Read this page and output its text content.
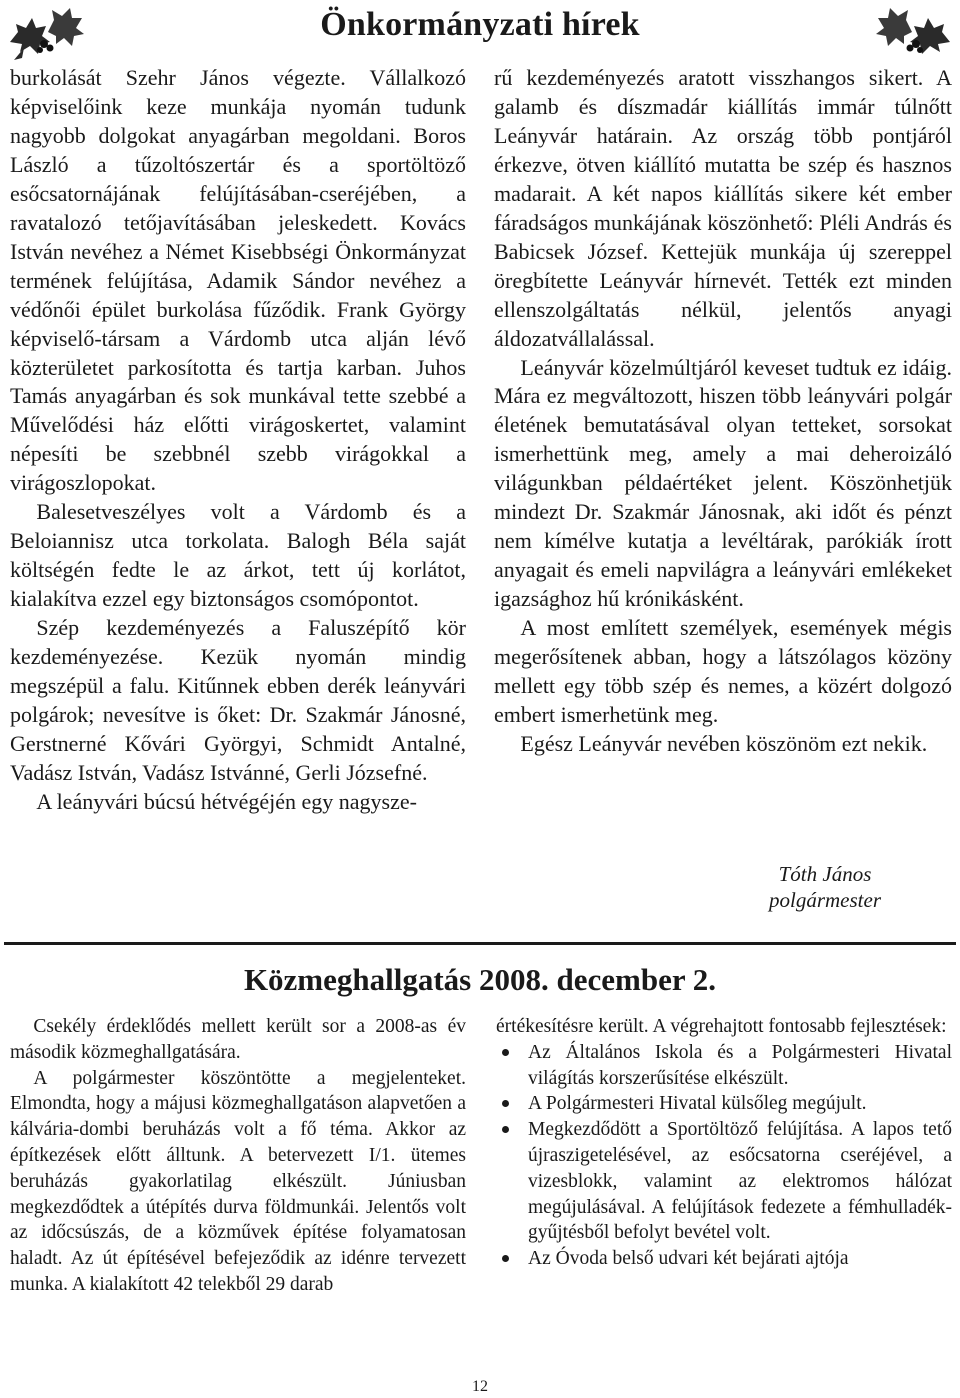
Önkormányzati hírek

burkolását Szehr János végezte. Vállalkozó képviselőink keze munkája nyomán tudunk nagyobb dolgokat anyagárban megoldani. Boros László a tűzoltószertár és a sportöltöző esőcsatornájának felújításában-cseréjében, a ravatalozó tetőjavításában jeleskedett. Kovács István nevéhez a Német Kisebbségi Önkormányzat termének felújítása, Adamik Sándor nevéhez a védőnői épület burkolása fűződik. Frank György képviselő-társam a Várdomb utca alján lévő közterületet parkosította és tartja karban. Juhos Tamás anyagárban és sok munkával tette szebbé a Művelődési ház előtti virágoskertet, valamint népesíti be szebbnél szebb virágokkal a virágoszlopokat.

Balesetveszélyes volt a Várdomb és a Beloiannisz utca torkolata. Balogh Béla saját költségén fedte le az árkot, tett új korlátot, kialakítva ezzel egy biztonságos csomópontot.

Szép kezdeményezés a Faluszépítő kör kezdeményezése. Kezük nyomán mindig megszépül a falu. Kitűnnek ebben derék leányvári polgárok; nevesítve is őket: Dr. Szakmár Jánosné, Gerstnerné Kővári Györgyi, Schmidt Antalné, Vadász István, Vadász Istvánné, Gerli Józsefné.

A leányvári búcsú hétvégéjén egy nagysze-

rű kezdeményezés aratott visszhangos sikert. A galamb és díszmadár kiállítás immár túlnőtt Leányvár határain. Az ország több pontjáról érkezve, ötven kiállító mutatta be szép és hasznos madarait. A két napos kiállítás sikere két ember fáradságos munkájának köszönhető: Pléli András és Babicsek József. Kettejük munkája új szereppel öregbítette Leányvár hírnevét. Tették ezt minden ellenszolgáltatás nélkül, jelentős anyagi áldozatvállalással.

Leányvár közelmúltjáról keveset tudtuk ez idáig. Mára ez megváltozott, hiszen több leányvári polgár életének bemutatásával olyan tetteket, sorsokat ismerhettünk meg, amely a mai deheroizáló világunkban példaértéket jelent. Köszönhetjük mindezt Dr. Szakmár Jánosnak, aki időt és pénzt nem kímélve kutatja a levéltárak, parókiák írott anyagait és emeli napvilágra a leányvári emlékeket igazsághoz hű krónikásként.

A most említett személyek, események mégis megerősítenek abban, hogy a látszólagos közöny mellett egy több szép és nemes, a közért dolgozó embert ismerhetünk meg.

Egész Leányvár nevében köszönöm ezt nekik.

Tóth János
polgármester
Közmeghallgatás 2008. december 2.

Csekély érdeklődés mellett került sor a 2008-as év második közmeghallgatására.

A polgármester köszöntötte a megjelenteket. Elmondta, hogy a májusi közmeghallgatáson alapvetően a kálvária-dombi beruházás volt a fő téma. Akkor az építkezések előtt álltunk. A betervezett I/1. ütemes beruházás gyakorlatilag elkészült. Júniusban megkezdődtek a útépítés durva földmunkái. Jelentős volt az időcsúszás, de a közművek építése folyamatosan haladt. Az út építésével befejeződik az idénre tervezett munka. A kialakított 42 telekből 29 darab

értékesítésre került. A végrehajtott fontosabb fejlesztések:

Az Általános Iskola és a Polgármesteri Hivatal világítás korszerűsítése elkészült.
A Polgármesteri Hivatal külsőleg megújult.
Megkezdődött a Sportöltöző felújítása. A lapos tető újraszigetelésével, az esőcsatorna cseréjével, a vizesblokk, valamint az elektromos hálózat megújulásával. A felújítások fedezete a fémhulladék-gyűjtésből befolyt bevétel volt.
Az Óvoda belső udvari két bejárati ajtója
12
